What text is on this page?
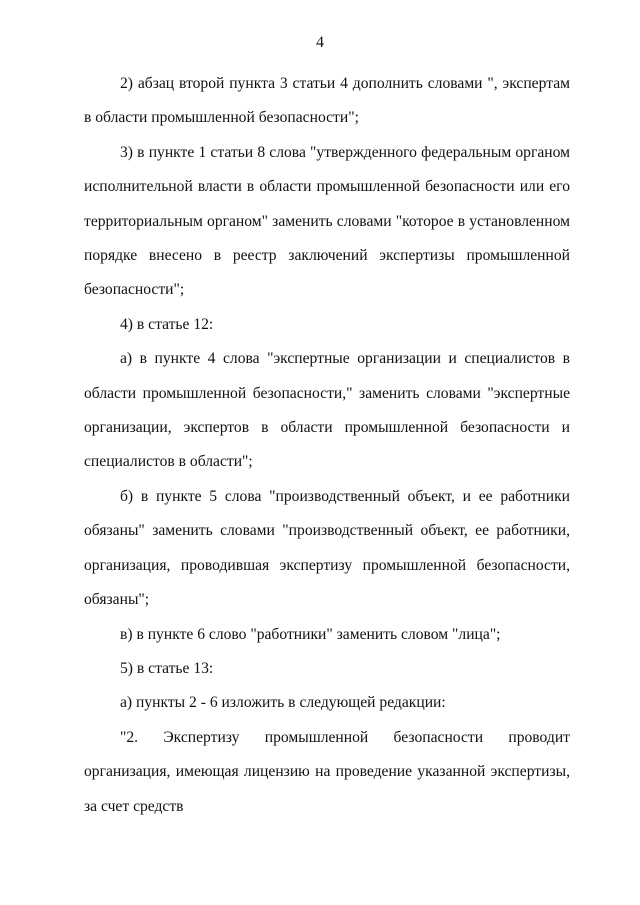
4

2) абзац второй пункта 3 статьи 4 дополнить словами ", экспертам в области промышленной безопасности";

3) в пункте 1 статьи 8 слова "утвержденного федеральным органом исполнительной власти в области промышленной безопасности или его территориальным органом" заменить словами "которое в установленном порядке внесено в реестр заключений экспертизы промышленной безопасности";

4) в статье 12:

а) в пункте 4 слова "экспертные организации и специалистов в области промышленной безопасности," заменить словами "экспертные организации, экспертов в области промышленной безопасности и специалистов в области";

б) в пункте 5 слова "производственный объект, и ее работники обязаны" заменить словами "производственный объект, ее работники, организация, проводившая экспертизу промышленной безопасности, обязаны";

в) в пункте 6 слово "работники" заменить словом "лица";

5) в статье 13:

а) пункты 2 - 6 изложить в следующей редакции:

"2. Экспертизу промышленной безопасности проводит организация, имеющая лицензию на проведение указанной экспертизы, за счет средств
